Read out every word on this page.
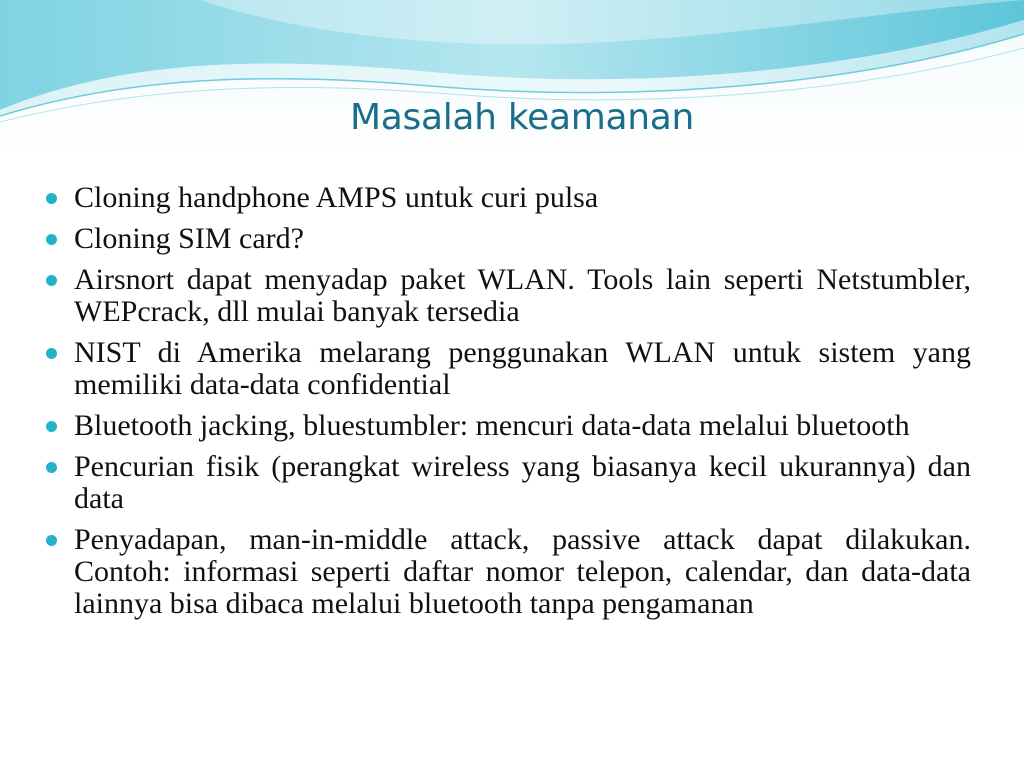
Masalah keamanan
Cloning handphone AMPS untuk curi pulsa
Cloning SIM card?
Airsnort dapat menyadap paket WLAN. Tools lain seperti Netstumbler, WEPcrack, dll mulai banyak tersedia
NIST di Amerika melarang penggunakan WLAN untuk sistem yang memiliki data-data confidential
Bluetooth jacking, bluestumbler: mencuri data-data melalui bluetooth
Pencurian fisik (perangkat wireless yang biasanya kecil ukurannya) dan data
Penyadapan, man-in-middle attack, passive attack dapat dilakukan. Contoh: informasi seperti daftar nomor telepon, calendar, dan data-data lainnya bisa dibaca melalui bluetooth tanpa pengamanan
